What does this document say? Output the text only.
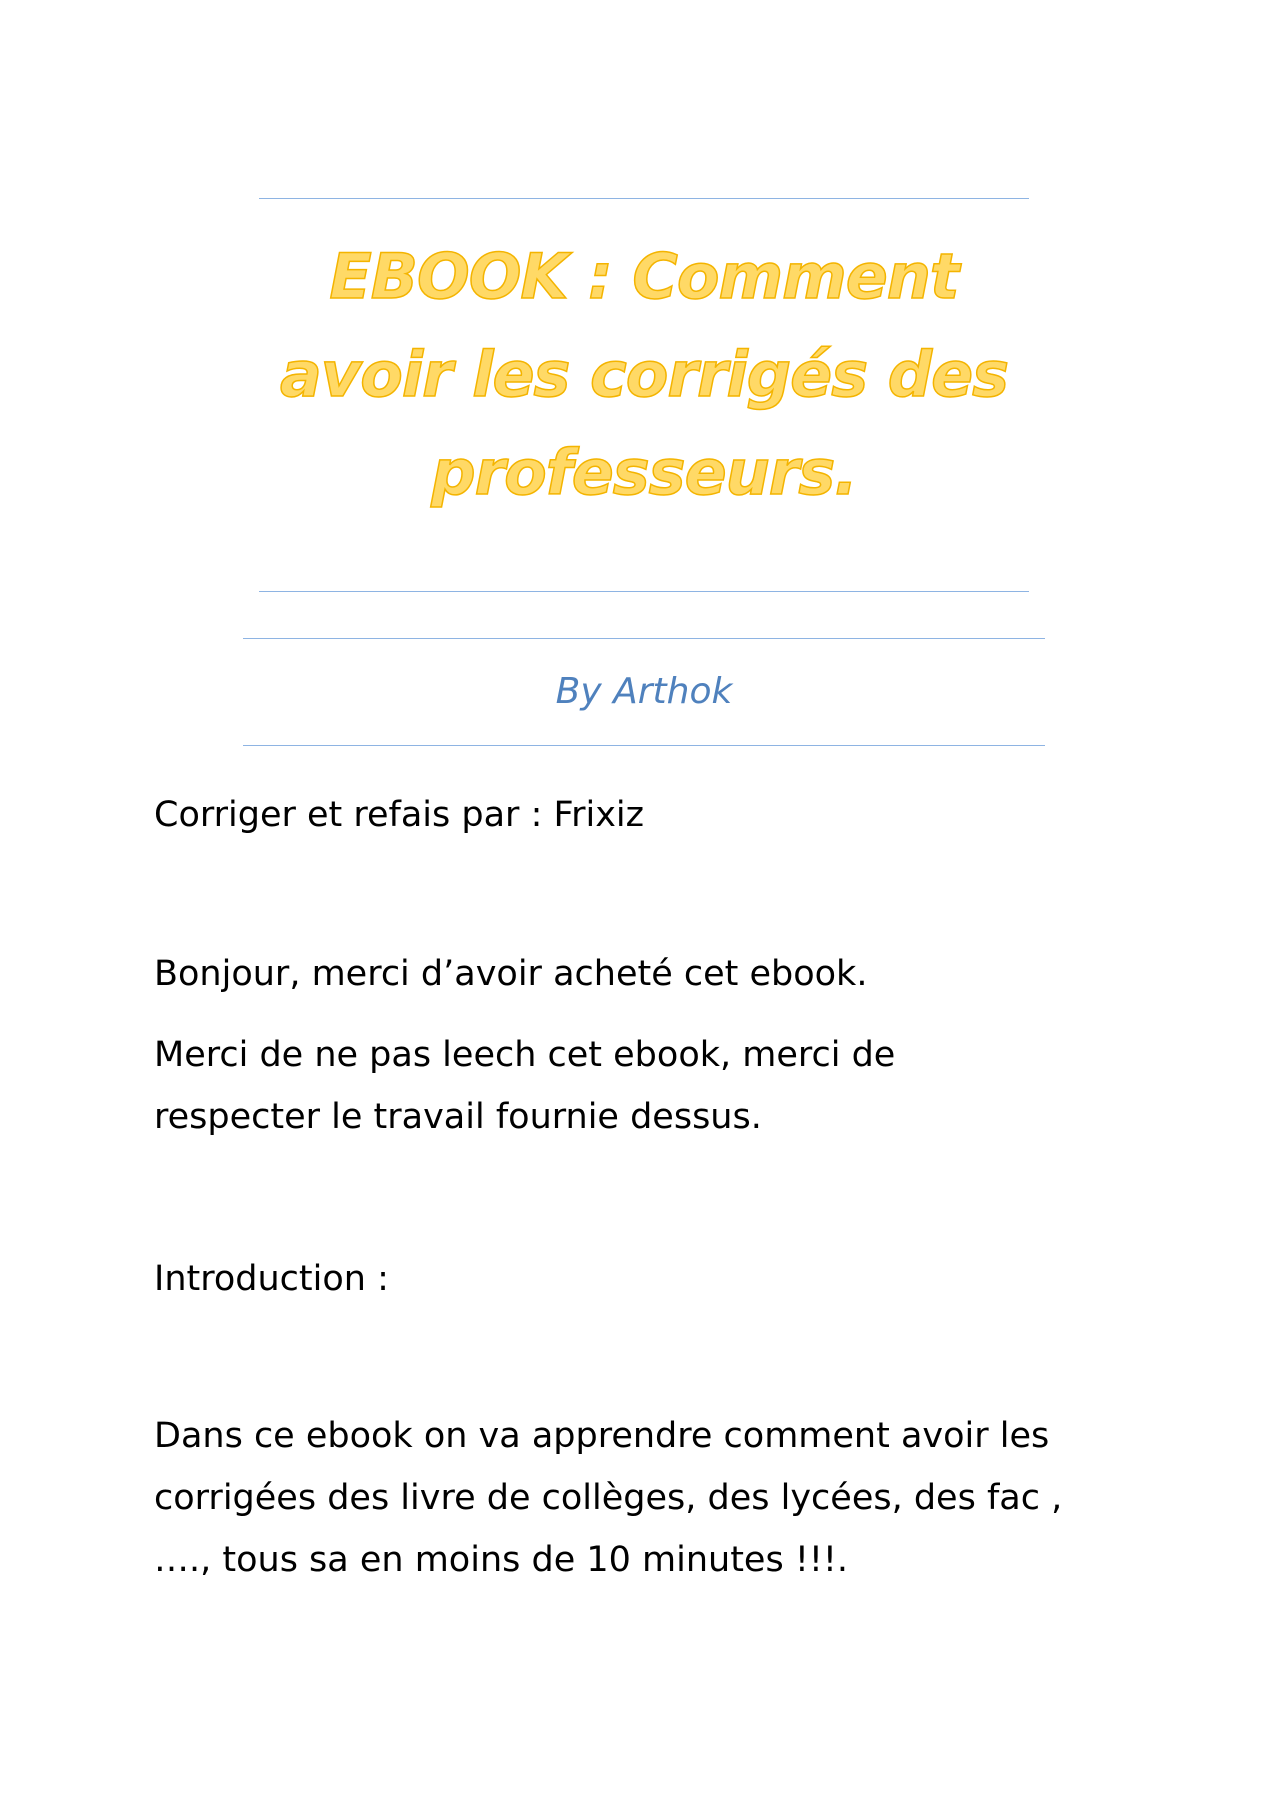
EBOOK : Comment
avoir les corrigés des
professeurs.
By Arthok

Corriger et refais par : Frixiz

Bonjour, merci d’avoir acheté cet ebook.

Merci de ne pas leech cet ebook, merci de
respecter le travail fournie dessus.

Introduction :

Dans ce ebook on va apprendre comment avoir les
corrigées des livre de collèges, des lycées, des fac ,
…., tous sa en moins de 10 minutes !!!.
